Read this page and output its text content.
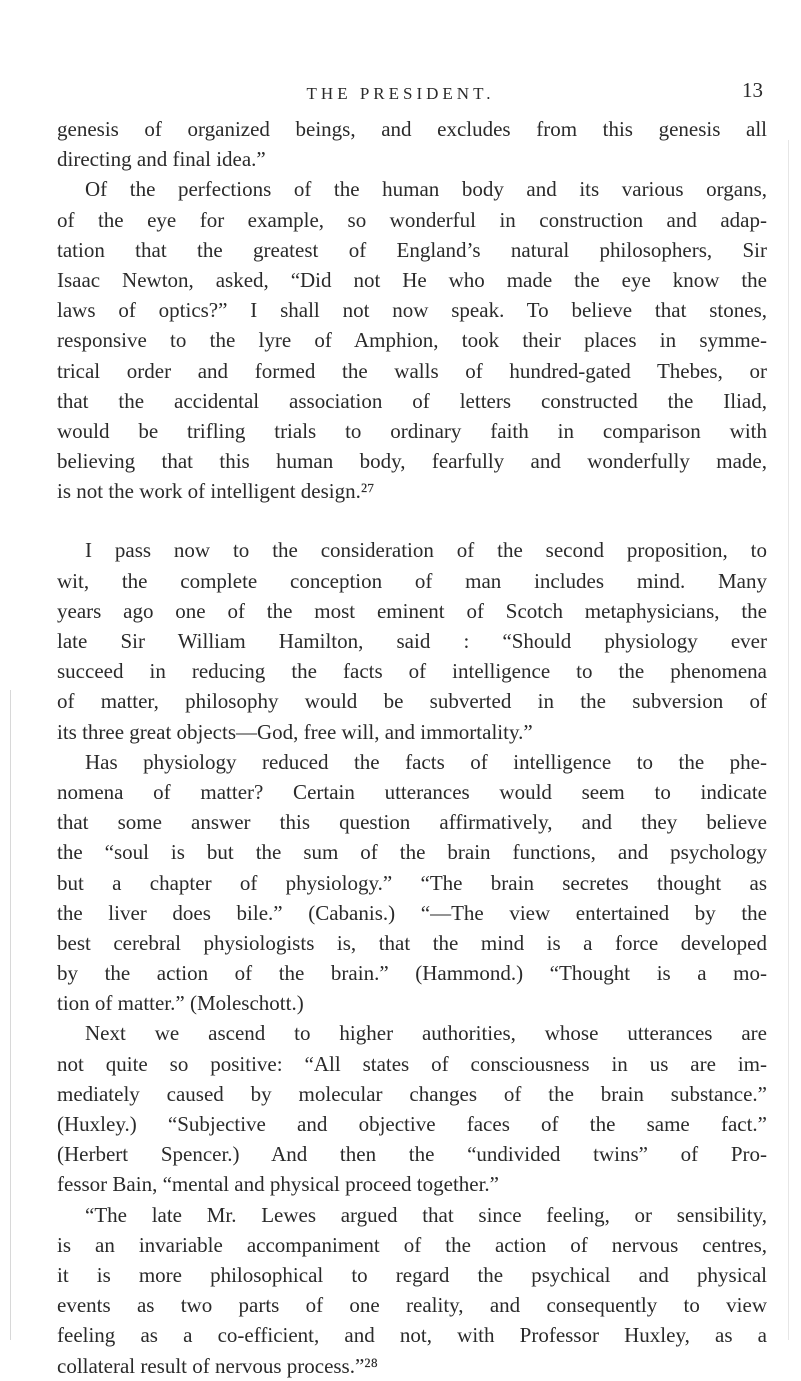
THE PRESIDENT.	13
genesis of organized beings, and excludes from this genesis all
directing and final idea.”
Of the perfections of the human body and its various organs,
of the eye for example, so wonderful in construction and adap-
tation that the greatest of England’s natural philosophers, Sir
Isaac Newton, asked, “Did not He who made the eye know the
laws of optics?” I shall not now speak. To believe that stones,
responsive to the lyre of Amphion, took their places in symme-
trical order and formed the walls of hundred-gated Thebes, or
that the accidental association of letters constructed the Iliad,
would be trifling trials to ordinary faith in comparison with
believing that this human body, fearfully and wonderfully made,
is not the work of intelligent design.²⁷
I pass now to the consideration of the second proposition, to
wit, the complete conception of man includes mind. Many
years ago one of the most eminent of Scotch metaphysicians, the
late Sir William Hamilton, said : “Should physiology ever
succeed in reducing the facts of intelligence to the phenomena
of matter, philosophy would be subverted in the subversion of
its three great objects—God, free will, and immortality.”
Has physiology reduced the facts of intelligence to the phe-
nomena of matter? Certain utterances would seem to indicate
that some answer this question affirmatively, and they believe
the “soul is but the sum of the brain functions, and psychology
but a chapter of physiology.” “The brain secretes thought as
the liver does bile.” (Cabanis.) “—The view entertained by the
best cerebral physiologists is, that the mind is a force developed
by the action of the brain.” (Hammond.) “Thought is a mo-
tion of matter.” (Moleschott.)
Next we ascend to higher authorities, whose utterances are
not quite so positive: “All states of consciousness in us are im-
mediately caused by molecular changes of the brain substance.”
(Huxley.) “Subjective and objective faces of the same fact.”
(Herbert Spencer.) And then the “undivided twins” of Pro-
fessor Bain, “mental and physical proceed together.”
“The late Mr. Lewes argued that since feeling, or sensibility,
is an invariable accompaniment of the action of nervous centres,
it is more philosophical to regard the psychical and physical
events as two parts of one reality, and consequently to view
feeling as a co-efficient, and not, with Professor Huxley, as a
collateral result of nervous process.”²⁸
